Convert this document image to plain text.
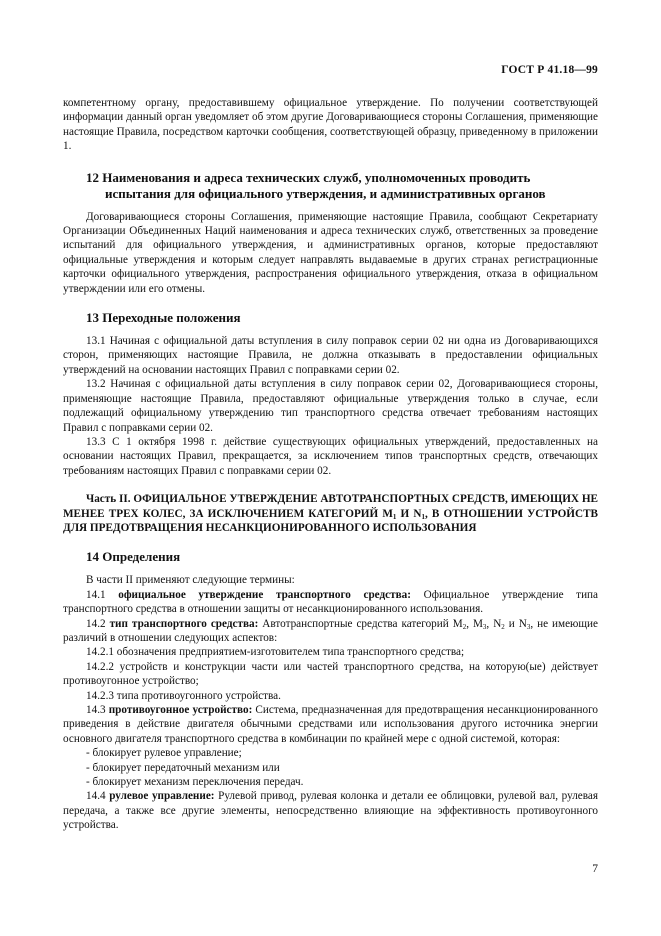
ГОСТ Р 41.18—99

компетентному органу, предоставившему официальное утверждение. По получении соответствующей информации данный орган уведомляет об этом другие Договаривающиеся стороны Соглашения, применяющие настоящие Правила, посредством карточки сообщения, соответствующей образцу, приведенному в приложении 1.

12 Наименования и адреса технических служб, уполномоченных проводить
испытания для официального утверждения, и административных органов

Договаривающиеся стороны Соглашения, применяющие настоящие Правила, сообщают Секретариату Организации Объединенных Наций наименования и адреса технических служб, ответственных за проведение испытаний для официального утверждения, и административных органов, которые предоставляют официальные утверждения и которым следует направлять выдаваемые в других странах регистрационные карточки официального утверждения, распространения официального утверждения, отказа в официальном утверждении или его отмены.

13 Переходные положения

13.1 Начиная с официальной даты вступления в силу поправок серии 02 ни одна из Договаривающихся сторон, применяющих настоящие Правила, не должна отказывать в предоставлении официальных утверждений на основании настоящих Правил с поправками серии 02.

13.2 Начиная с официальной даты вступления в силу поправок серии 02, Договаривающиеся стороны, применяющие настоящие Правила, предоставляют официальные утверждения только в случае, если подлежащий официальному утверждению тип транспортного средства отвечает требованиям настоящих Правил с поправками серии 02.

13.3 С 1 октября 1998 г. действие существующих официальных утверждений, предоставленных на основании настоящих Правил, прекращается, за исключением типов транспортных средств, отвечающих требованиям настоящих Правил с поправками серии 02.

Часть II. ОФИЦИАЛЬНОЕ УТВЕРЖДЕНИЕ АВТОТРАНСПОРТНЫХ СРЕДСТВ, ИМЕЮЩИХ НЕ МЕНЕЕ ТРЕХ КОЛЕС, ЗА ИСКЛЮЧЕНИЕМ КАТЕГОРИЙ $M_1$ И $N_1$, В ОТНОШЕНИИ УСТРОЙСТВ ДЛЯ ПРЕДОТВРАЩЕНИЯ НЕСАНКЦИОНИРОВАННОГО ИСПОЛЬЗОВАНИЯ

14 Определения

В части II применяют следующие термины:

14.1 официальное утверждение транспортного средства: Официальное утверждение типа транспортного средства в отношении защиты от несанкционированного использования.

14.2 тип транспортного средства: Автотранспортные средства категорий $M_2$, $M_3$, $N_2$ и $N_3$, не имеющие различий в отношении следующих аспектов:

14.2.1 обозначения предприятием-изготовителем типа транспортного средства;

14.2.2 устройств и конструкции части или частей транспортного средства, на которую(ые) действует противоугонное устройство;

14.2.3 типа противоугонного устройства.

14.3 противоугонное устройство: Система, предназначенная для предотвращения несанкционированного приведения в действие двигателя обычными средствами или использования другого источника энергии основного двигателя транспортного средства в комбинации по крайней мере с одной системой, которая:

- блокирует рулевое управление;

- блокирует передаточный механизм или

- блокирует механизм переключения передач.

14.4 рулевое управление: Рулевой привод, рулевая колонка и детали ее облицовки, рулевой вал, рулевая передача, а также все другие элементы, непосредственно влияющие на эффективность противоугонного устройства.

7
